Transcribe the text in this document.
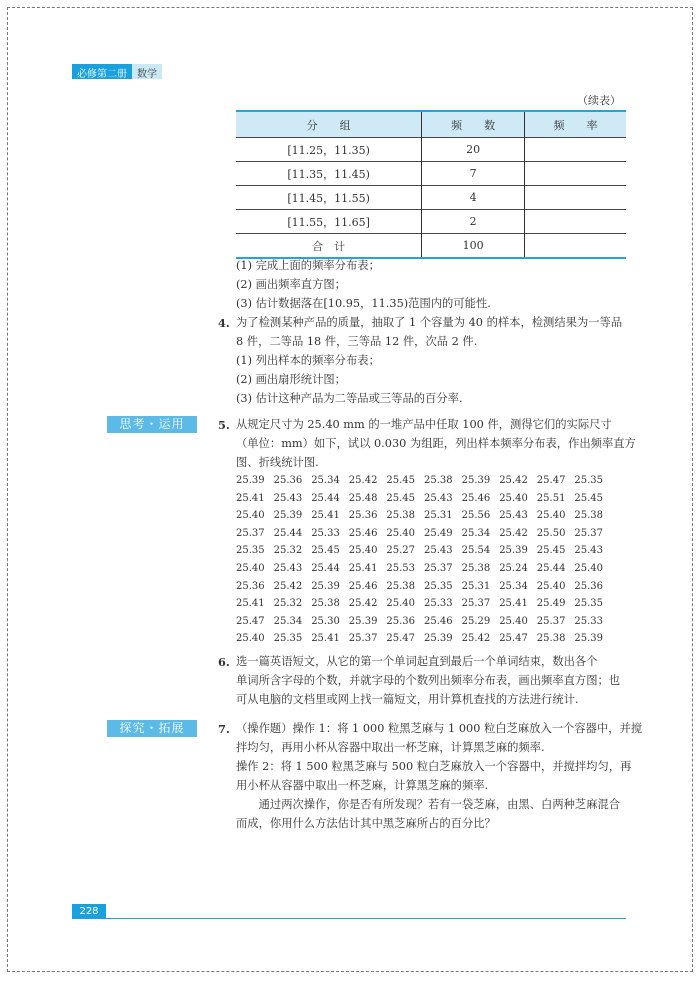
必修第二册	数学
（续表）
分　　组	频　　数	频　　率
[11.25，11.35)	20	
[11.35，11.45)	7	
[11.45，11.55)	4	
[11.55，11.65]	2	
合　计	100	
(1) 完成上面的频率分布表；
(2) 画出频率直方图；
(3) 估计数据落在[10.95，11.35)范围内的可能性.
4. 为了检测某种产品的质量，抽取了 1 个容量为 40 的样本，检测结果为一等品
8 件，二等品 18 件，三等品 12 件，次品 2 件.
(1) 列出样本的频率分布表；
(2) 画出扇形统计图；
(3) 估计这种产品为二等品或三等品的百分率.
5. 从规定尺寸为 25.40 mm 的一堆产品中任取 100 件，测得它们的实际尺寸
（单位：mm）如下，试以 0.030 为组距，列出样本频率分布表，作出频率直方
图、折线统计图.
6. 选一篇英语短文，从它的第一个单词起直到最后一个单词结束，数出各个
单词所含字母的个数，并就字母的个数列出频率分布表，画出频率直方图；也
可从电脑的文档里或网上找一篇短文，用计算机查找的方法进行统计.
7. （操作题）操作 1：将 1 000 粒黑芝麻与 1 000 粒白芝麻放入一个容器中，并搅
拌均匀，再用小杯从容器中取出一杯芝麻，计算黑芝麻的频率.
操作 2：将 1 500 粒黑芝麻与 500 粒白芝麻放入一个容器中，并搅拌均匀，再
用小杯从容器中取出一杯芝麻，计算黑芝麻的频率.
　　通过两次操作，你是否有所发现？若有一袋芝麻，由黑、白两种芝麻混合
而成，你用什么方法估计其中黑芝麻所占的百分比？
思考・运用
探究・拓展
25.39 25.36 25.34 25.42 25.45 25.38 25.39 25.42 25.47 25.35
25.41 25.43 25.44 25.48 25.45 25.43 25.46 25.40 25.51 25.45
25.40 25.39 25.41 25.36 25.38 25.31 25.56 25.43 25.40 25.38
25.37 25.44 25.33 25.46 25.40 25.49 25.34 25.42 25.50 25.37
25.35 25.32 25.45 25.40 25.27 25.43 25.54 25.39 25.45 25.43
25.40 25.43 25.44 25.41 25.53 25.37 25.38 25.24 25.44 25.40
25.36 25.42 25.39 25.46 25.38 25.35 25.31 25.34 25.40 25.36
25.41 25.32 25.38 25.42 25.40 25.33 25.37 25.41 25.49 25.35
25.47 25.34 25.30 25.39 25.36 25.46 25.29 25.40 25.37 25.33
25.40 25.35 25.41 25.37 25.47 25.39 25.42 25.47 25.38 25.39
228
